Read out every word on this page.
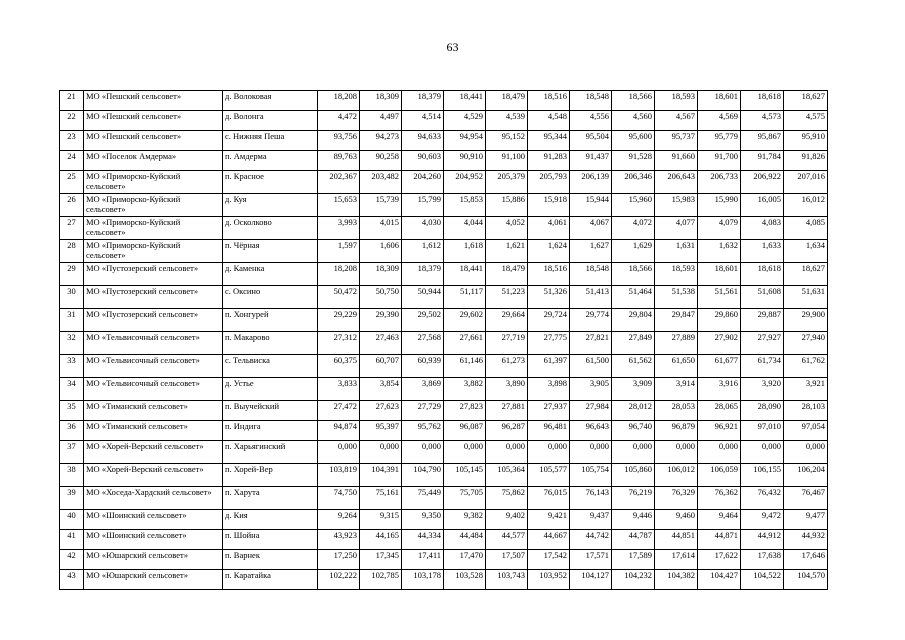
63
21	МО «Пешский сельсовет»	д. Волоковая	18,208	18,309	18,379	18,441	18,479	18,516	18,548	18,566	18,593	18,601	18,618	18,627
22	МО «Пешский сельсовет»	д. Волонга	4,472	4,497	4,514	4,529	4,539	4,548	4,556	4,560	4,567	4,569	4,573	4,575
23	МО «Пешский сельсовет»	с. Нижняя Пеша	93,756	94,273	94,633	94,954	95,152	95,344	95,504	95,600	95,737	95,779	95,867	95,910
24	МО «Поселок Амдерма»	п. Амдерма	89,763	90,258	90,603	90,910	91,100	91,283	91,437	91,528	91,660	91,700	91,784	91,826
25	МО «Приморско-Куйский сельсовет»	п. Красное	202,367	203,482	204,260	204,952	205,379	205,793	206,139	206,346	206,643	206,733	206,922	207,016
26	МО «Приморско-Куйский сельсовет»	д. Куя	15,653	15,739	15,799	15,853	15,886	15,918	15,944	15,960	15,983	15,990	16,005	16,012
27	МО «Приморско-Куйский сельсовет»	д. Осколково	3,993	4,015	4,030	4,044	4,052	4,061	4,067	4,072	4,077	4,079	4,083	4,085
28	МО «Приморско-Куйский сельсовет»	п. Чёрная	1,597	1,606	1,612	1,618	1,621	1,624	1,627	1,629	1,631	1,632	1,633	1,634
29	МО «Пустозерский сельсовет»	д. Каменка	18,208	18,309	18,379	18,441	18,479	18,516	18,548	18,566	18,593	18,601	18,618	18,627
30	МО «Пустозерский сельсовет»	с. Оксино	50,472	50,750	50,944	51,117	51,223	51,326	51,413	51,464	51,538	51,561	51,608	51,631
31	МО «Пустозерский сельсовет»	п. Хонгурей	29,229	29,390	29,502	29,602	29,664	29,724	29,774	29,804	29,847	29,860	29,887	29,900
32	МО «Тельвисочный сельсовет»	п. Макарово	27,312	27,463	27,568	27,661	27,719	27,775	27,821	27,849	27,889	27,902	27,927	27,940
33	МО «Тельвисочный сельсовет»	с. Тельвиска	60,375	60,707	60,939	61,146	61,273	61,397	61,500	61,562	61,650	61,677	61,734	61,762
34	МО «Тельвисочный сельсовет»	д. Устье	3,833	3,854	3,869	3,882	3,890	3,898	3,905	3,909	3,914	3,916	3,920	3,921
35	МО «Тиманский сельсовет»	п. Выучейский	27,472	27,623	27,729	27,823	27,881	27,937	27,984	28,012	28,053	28,065	28,090	28,103
36	МО «Тиманский сельсовет»	п. Индига	94,874	95,397	95,762	96,087	96,287	96,481	96,643	96,740	96,879	96,921	97,010	97,054
37	МО «Хорей-Верский сельсовет»	п. Харьягинский	0,000	0,000	0,000	0,000	0,000	0,000	0,000	0,000	0,000	0,000	0,000	0,000
38	МО «Хорей-Верский сельсовет»	п. Хорей-Вер	103,819	104,391	104,790	105,145	105,364	105,577	105,754	105,860	106,012	106,059	106,155	106,204
39	МО «Хоседа-Хардский сельсовет»	п. Харута	74,750	75,161	75,449	75,705	75,862	76,015	76,143	76,219	76,329	76,362	76,432	76,467
40	МО «Шоинский сельсовет»	д. Кия	9,264	9,315	9,350	9,382	9,402	9,421	9,437	9,446	9,460	9,464	9,472	9,477
41	МО «Шоинский сельсовет»	п. Шойна	43,923	44,165	44,334	44,484	44,577	44,667	44,742	44,787	44,851	44,871	44,912	44,932
42	МО «Юшарский сельсовет»	п. Варнек	17,250	17,345	17,411	17,470	17,507	17,542	17,571	17,589	17,614	17,622	17,638	17,646
43	МО «Юшарский сельсовет»	п. Каратайка	102,222	102,785	103,178	103,528	103,743	103,952	104,127	104,232	104,382	104,427	104,522	104,570
